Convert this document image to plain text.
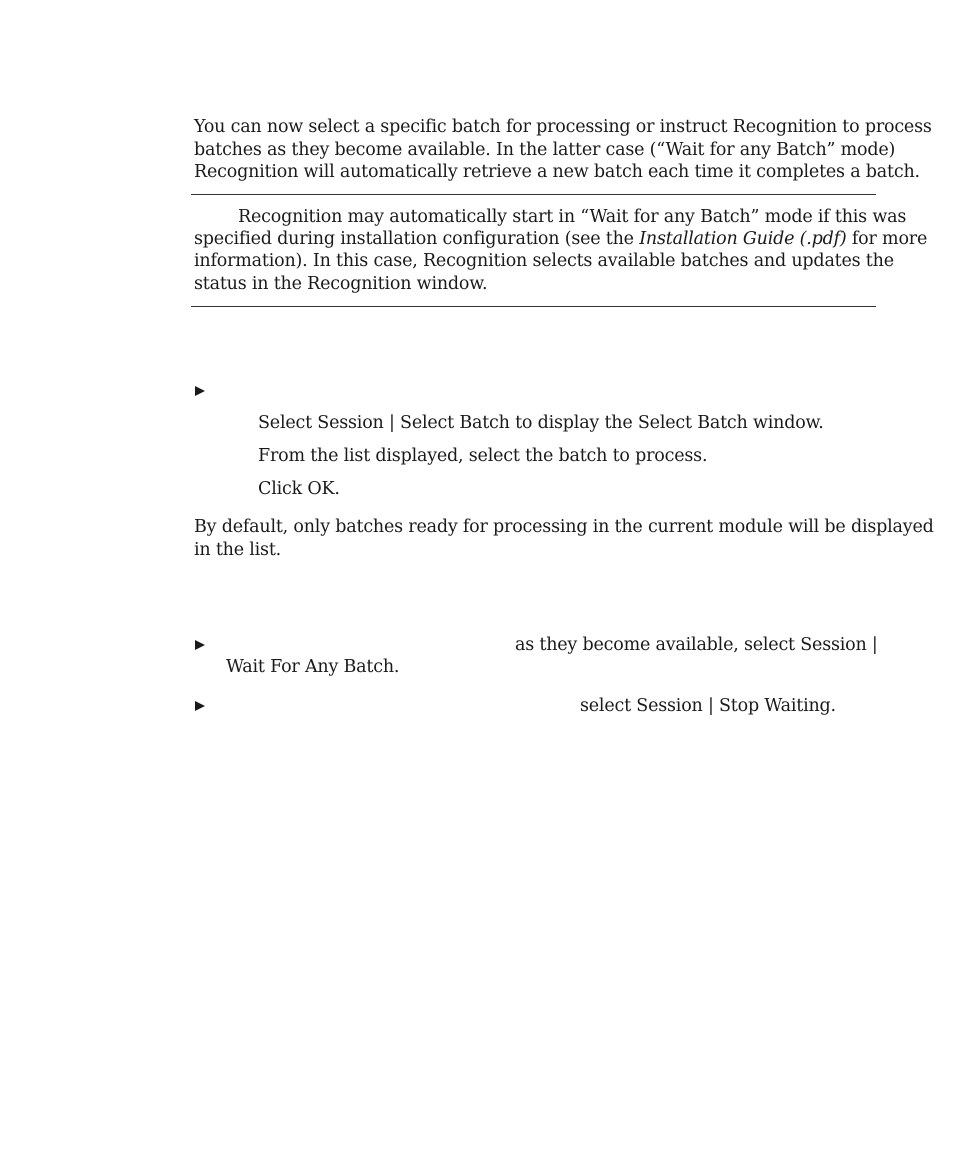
You can now select a specific batch for processing or instruct Recognition to process
batches as they become available. In the latter case (“Wait for any Batch” mode)
Recognition will automatically retrieve a new batch each time it completes a batch.
Recognition may automatically start in “Wait for any Batch” mode if this was
specified during installation configuration (see the Installation Guide (.pdf) for more
information). In this case, Recognition selects available batches and updates the
status in the Recognition window.
Select Session | Select Batch to display the Select Batch window.
From the list displayed, select the batch to process.
Click OK.
By default, only batches ready for processing in the current module will be displayed
in the list.
as they become available, select Session |
Wait For Any Batch.
select Session | Stop Waiting.
